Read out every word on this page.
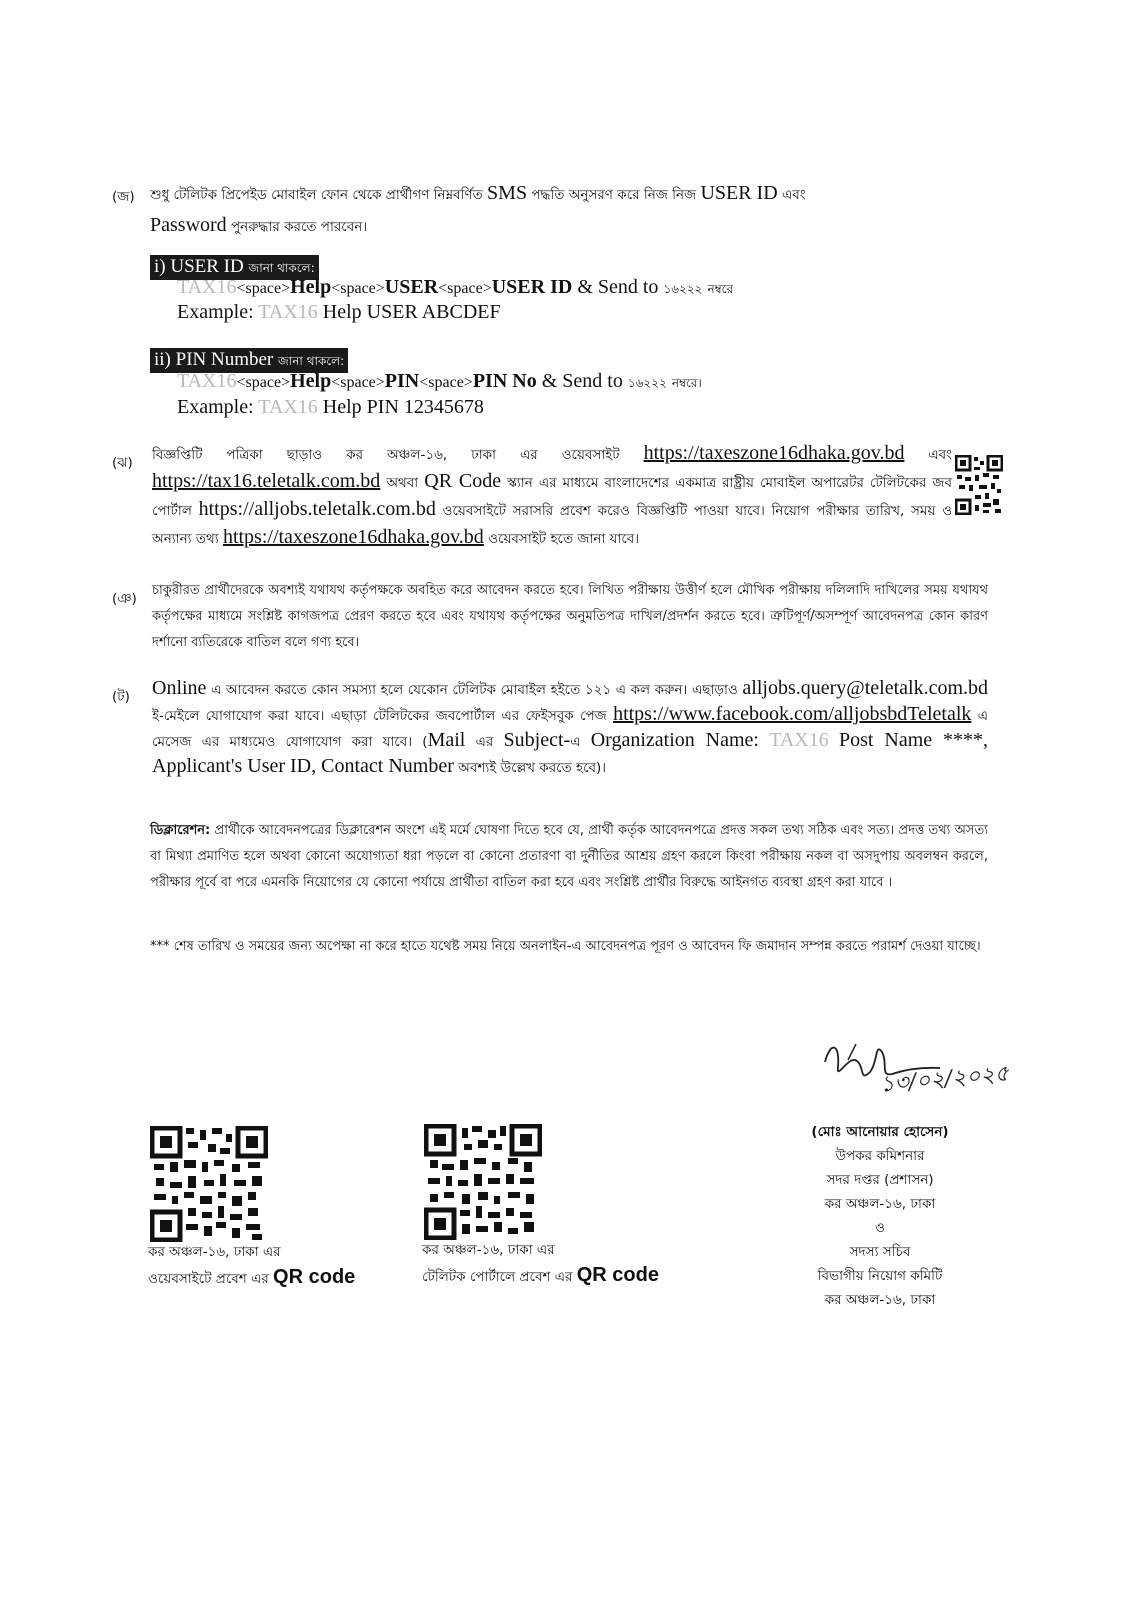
(জ) শুধু টেলিটক প্রিপেইড মোবাইল ফোন থেকে প্রার্থীগণ নিম্নবর্ণিত SMS পদ্ধতি অনুসরণ করে নিজ নিজ USER ID এবং
Password পুনরুদ্ধার করতে পারবেন।
i) USER ID জানা থাকলে:
TAX16<space>Help<space>USER<space>USER ID & Send to ১৬২২২ নম্বরে
Example: TAX16 Help USER ABCDEF
ii) PIN Number জানা থাকলে:
TAX16<space>Help<space>PIN<space>PIN No & Send to ১৬২২২ নম্বরে।
Example: TAX16 Help PIN 12345678
(ঝ) বিজ্ঞপ্তিটি পত্রিকা ছাড়াও কর অঞ্চল-১৬, ঢাকা এর ওয়েবসাইট https://taxeszone16dhaka.gov.bd এবং https://tax16.teletalk.com.bd অথবা QR Code স্ক্যান এর মাধ্যমে বাংলাদেশের একমাত্র রাষ্ট্রীয় মোবাইল অপারেটর টেলিটকের জব পোর্টাল https://alljobs.teletalk.com.bd ওয়েবসাইটে সরাসরি প্রবেশ করেও বিজ্ঞপ্তিটি পাওয়া যাবে। নিয়োগ পরীক্ষার তারিখ, সময় ও অন্যান্য তথ্য https://taxeszone16dhaka.gov.bd ওয়েবসাইট হতে জানা যাবে।
(ঞ)
চাকুরীরত প্রার্থীদেরকে অবশ্যই যথাযথ কর্তৃপক্ষকে অবহিত করে আবেদন করতে হবে। লিখিত পরীক্ষায় উত্তীর্ণ হলে মৌখিক পরীক্ষায় দলিলাদি দাখিলের সময় যথাযথ কর্তৃপক্ষের মাধ্যমে সংশ্লিষ্ট কাগজপত্র প্রেরণ করতে হবে এবং যথাযথ কর্তৃপক্ষের অনুমতিপত্র দাখিল/প্রদর্শন করতে হবে। ত্রুটিপূর্ণ/অসম্পূর্ণ আবেদনপত্র কোন কারণ দর্শানো ব্যতিরেকে বাতিল বলে গণ্য হবে।
(ট) Online এ আবেদন করতে কোন সমস্যা হলে যেকোন টেলিটক মোবাইল হইতে ১২১ এ কল করুন। এছাড়াও alljobs.query@teletalk.com.bd ই-মেইলে যোগাযোগ করা যাবে। এছাড়া টেলিটকের জবপোর্টাল এর ফেইসবুক পেজ https://www.facebook.com/alljobsbdTeletalk এ মেসেজ এর মাধ্যমেও যোগাযোগ করা যাবে। (Mail এর Subject-এ Organization Name: TAX16 Post Name ****, Applicant's User ID, Contact Number অবশ্যই উল্লেখ করতে হবে)।
ডিক্লারেশন: প্রার্থীকে আবেদনপত্রের ডিক্লারেশন অংশে এই মর্মে ঘোষণা দিতে হবে যে, প্রার্থী কর্তৃক আবেদনপত্রে প্রদত্ত সকল তথ্য সঠিক এবং সত্য। প্রদত্ত তথ্য অসত্য বা মিথ্যা প্রমাণিত হলে অথবা কোনো অযোগ্যতা ধরা পড়লে বা কোনো প্রতারণা বা দুর্নীতির আশ্রয় গ্রহণ করলে কিংবা পরীক্ষায় নকল বা অসদুপায় অবলম্বন করলে, পরীক্ষার পূর্বে বা পরে এমনকি নিয়োগের যে কোনো পর্যায়ে প্রার্থীতা বাতিল করা হবে এবং সংশ্লিষ্ট প্রার্থীর বিরুদ্ধে আইনগত ব্যবস্থা গ্রহণ করা যাবে ।
*** শেষ তারিখ ও সময়ের জন্য অপেক্ষা না করে হাতে যথেষ্ট সময় নিয়ে অনলাইন-এ আবেদনপত্র পূরণ ও আবেদন ফি জমাদান সম্পন্ন করতে পরামর্শ দেওয়া যাচ্ছে।
১৩/০২/২০২৫
(মোঃ আনোয়ার হোসেন)
উপকর কমিশনার
সদর দপ্তর (প্রশাসন)
কর অঞ্চল-১৬, ঢাকা
ও
সদস্য সচিব
বিভাগীয় নিয়োগ কমিটি
কর অঞ্চল-১৬, ঢাকা
কর অঞ্চল-১৬, ঢাকা এর
ওয়েবসাইটে প্রবেশ এর QR code
কর অঞ্চল-১৬, ঢাকা এর
টেলিটক পোর্টালে প্রবেশ এর QR code
